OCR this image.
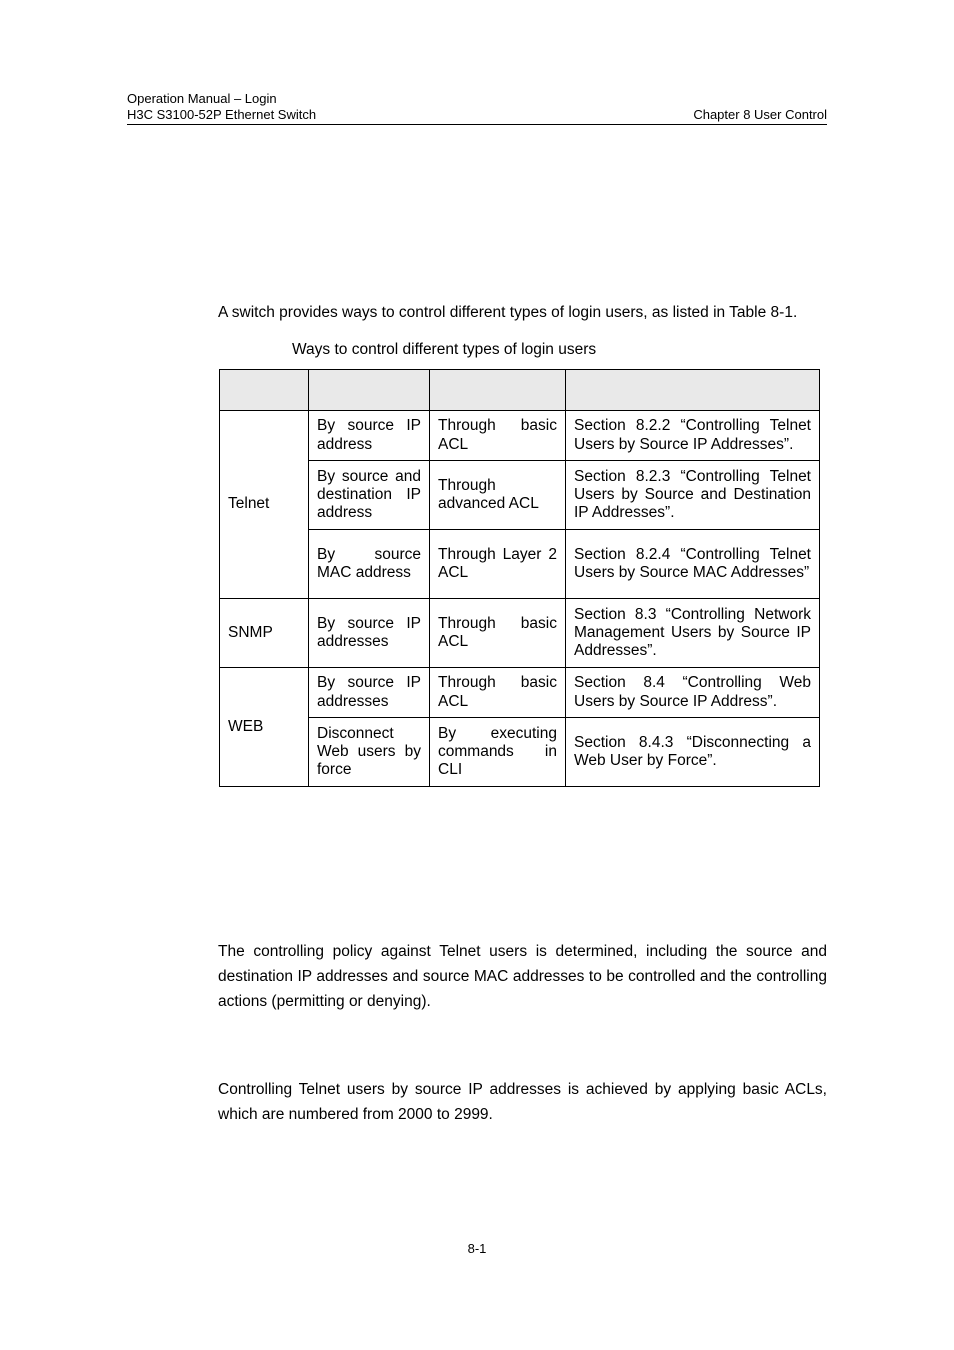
Operation Manual – Login
H3C S3100-52P Ethernet Switch	Chapter 8 User Control

A switch provides ways to control different types of login users, as listed in Table 8-1.

Ways to control different types of login users

Telnet	By source IP address	Through basic ACL	Section 8.2.2 “Controlling Telnet Users by Source IP Addresses”.
	By source and destination IP address	Through advanced ACL	Section 8.2.3 “Controlling Telnet Users by Source and Destination IP Addresses”.
	By source MAC address	Through Layer 2 ACL	Section 8.2.4 “Controlling Telnet Users by Source MAC Addresses”
SNMP	By source IP addresses	Through basic ACL	Section 8.3 “Controlling Network Management Users by Source IP Addresses”.
WEB	By source IP addresses	Through basic ACL	Section 8.4 “Controlling Web Users by Source IP Address”.
	Disconnect Web users by force	By executing commands in CLI	Section 8.4.3 “Disconnecting a Web User by Force”.

The controlling policy against Telnet users is determined, including the source and destination IP addresses and source MAC addresses to be controlled and the controlling actions (permitting or denying).

Controlling Telnet users by source IP addresses is achieved by applying basic ACLs, which are numbered from 2000 to 2999.

8-1
